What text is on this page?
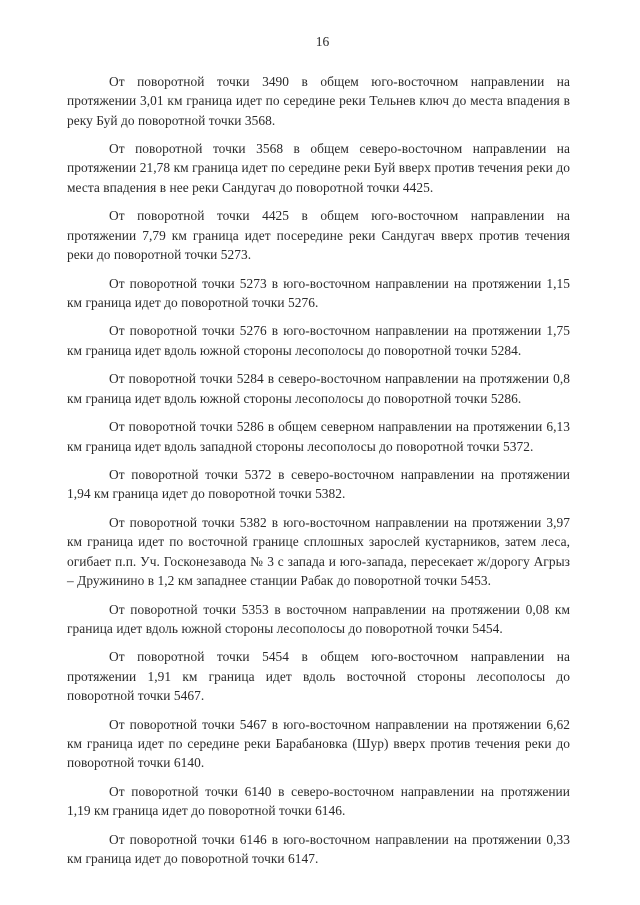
16

От поворотной точки 3490 в общем юго-восточном направлении на протяжении 3,01 км граница идет по середине реки Тельнев ключ до места впадения в реку Буй до поворотной точки 3568.

От поворотной точки 3568 в общем северо-восточном направлении на протяжении 21,78 км граница идет по середине реки Буй вверх против течения реки до места впадения в нее реки Сандугач до поворотной точки 4425.

От поворотной точки 4425 в общем юго-восточном направлении на протяжении 7,79 км граница идет посередине реки Сандугач вверх против течения реки до поворотной точки 5273.

От поворотной точки 5273 в юго-восточном направлении на протяжении 1,15 км граница идет до поворотной точки 5276.

От поворотной точки 5276 в юго-восточном направлении на протяжении 1,75 км граница идет вдоль южной стороны лесополосы до поворотной точки 5284.

От поворотной точки 5284 в северо-восточном направлении на протяжении 0,8 км граница идет вдоль южной стороны лесополосы до поворотной точки 5286.

От поворотной точки 5286 в общем северном направлении на протяжении 6,13 км граница идет вдоль западной стороны лесополосы до поворотной точки 5372.

От поворотной точки 5372 в северо-восточном направлении на протяжении 1,94 км граница идет до поворотной точки 5382.

От поворотной точки 5382 в юго-восточном направлении на протяжении 3,97 км граница идет по восточной границе сплошных зарослей кустарников, затем леса, огибает п.п. Уч. Госконезавода № 3 с запада и юго-запада, пересекает ж/дорогу Агрыз – Дружинино в 1,2 км западнее станции Рабак до поворотной точки 5453.

От поворотной точки 5353 в восточном направлении на протяжении 0,08 км граница идет вдоль южной стороны лесополосы до поворотной точки 5454.

От поворотной точки 5454 в общем юго-восточном направлении на протяжении 1,91 км граница идет вдоль восточной стороны лесополосы до поворотной точки 5467.

От поворотной точки 5467 в юго-восточном направлении на протяжении 6,62 км граница идет по середине реки Барабановка (Шур) вверх против течения реки до поворотной точки 6140.

От поворотной точки 6140 в северо-восточном направлении на протяжении 1,19 км граница идет до поворотной точки 6146.

От поворотной точки 6146 в юго-восточном направлении на протяжении 0,33 км граница идет до поворотной точки 6147.
